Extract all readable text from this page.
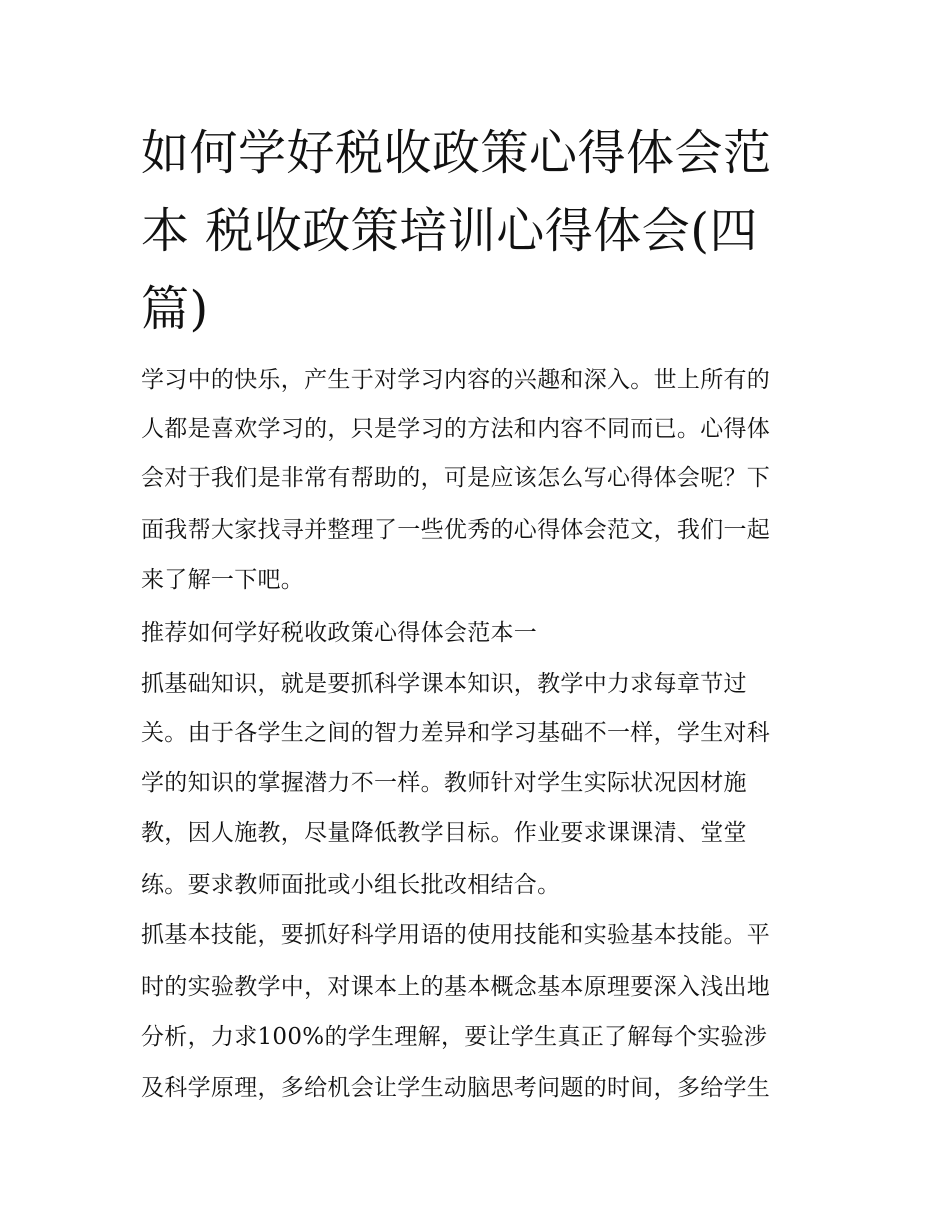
如何学好税收政策心得体会范
本 税收政策培训心得体会(四
篇)

学习中的快乐，产生于对学习内容的兴趣和深入。世上所有的

人都是喜欢学习的，只是学习的方法和内容不同而已。心得体

会对于我们是非常有帮助的，可是应该怎么写心得体会呢？下

面我帮大家找寻并整理了一些优秀的心得体会范文，我们一起

来了解一下吧。

推荐如何学好税收政策心得体会范本一

抓基础知识，就是要抓科学课本知识，教学中力求每章节过

关。由于各学生之间的智力差异和学习基础不一样，学生对科

学的知识的掌握潜力不一样。教师针对学生实际状况因材施

教，因人施教，尽量降低教学目标。作业要求课课清、堂堂

练。要求教师面批或小组长批改相结合。

抓基本技能，要抓好科学用语的使用技能和实验基本技能。平

时的实验教学中，对课本上的基本概念基本原理要深入浅出地

分析，力求100%的学生理解，要让学生真正了解每个实验涉

及科学原理，多给机会让学生动脑思考问题的时间，多给学生
